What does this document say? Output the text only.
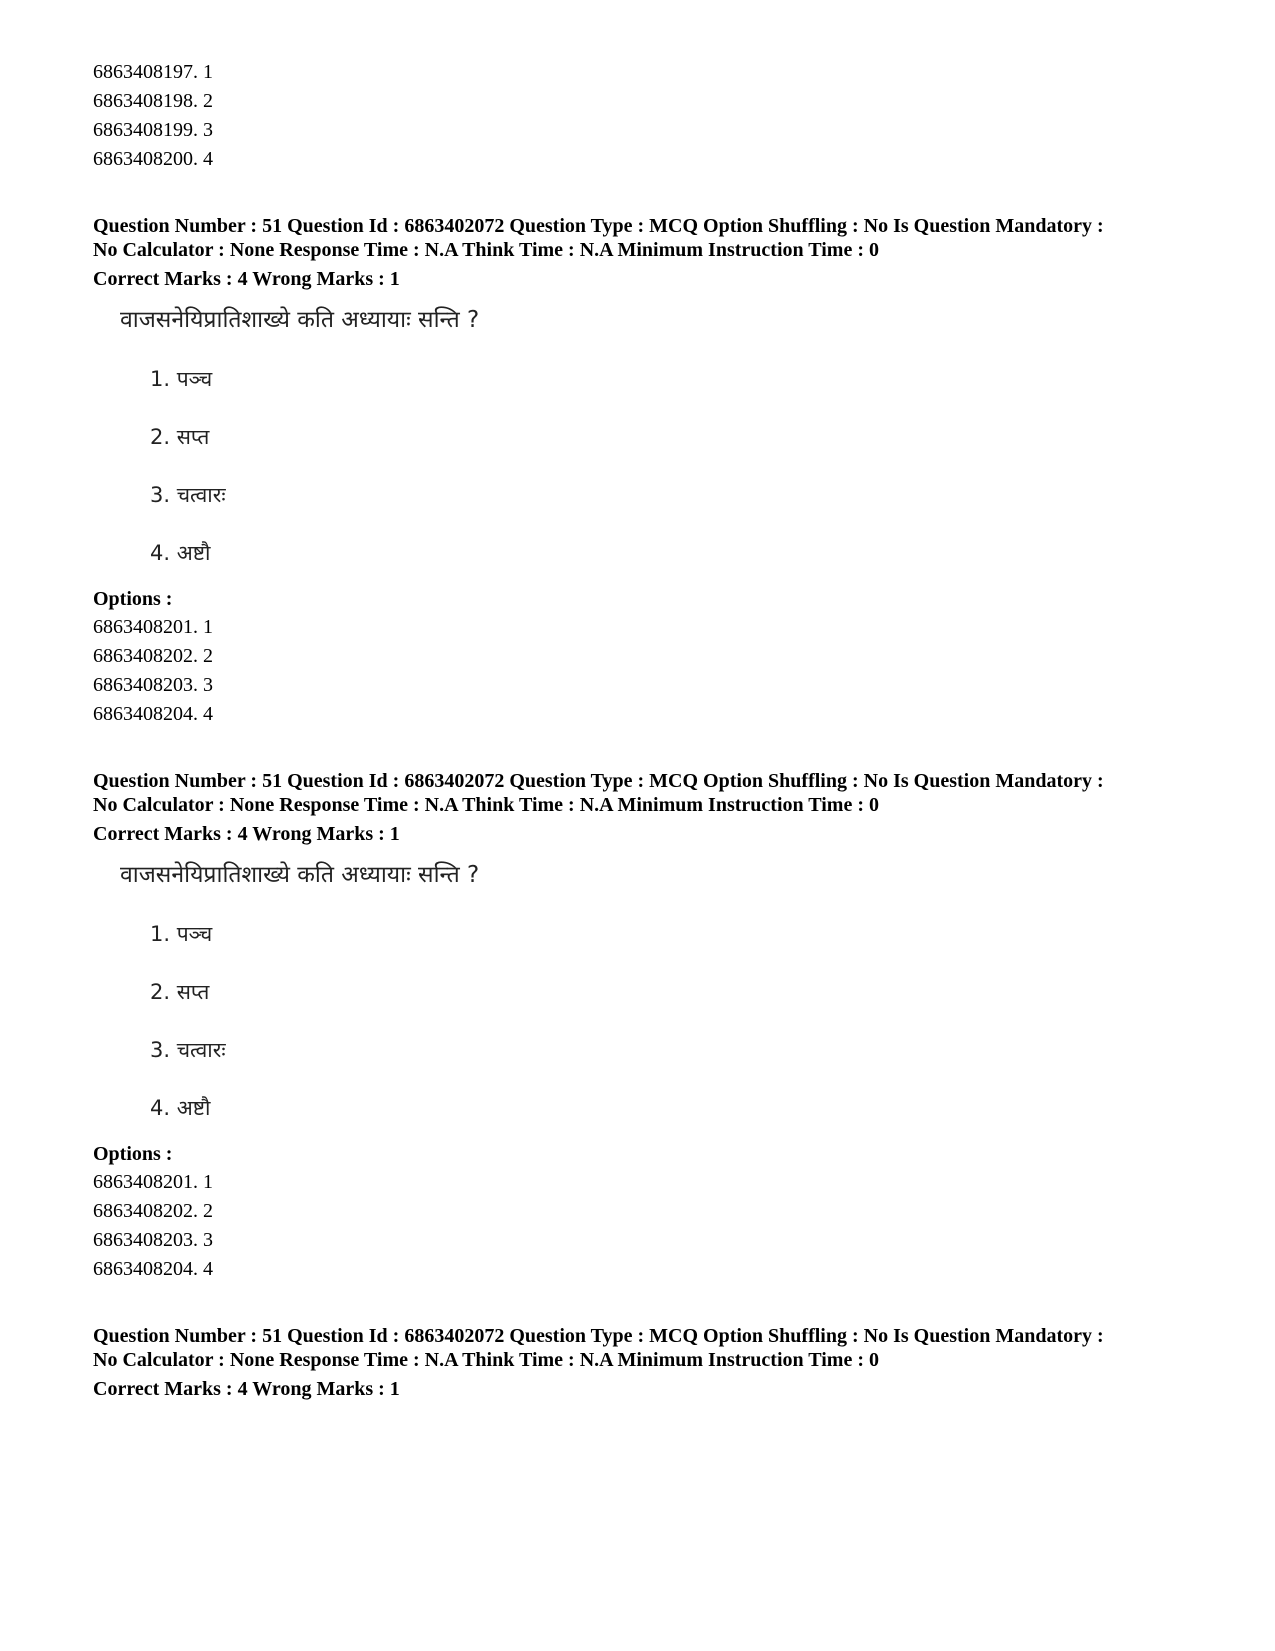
6863408197. 1

6863408198. 2

6863408199. 3

6863408200. 4

Question Number : 51 Question Id : 6863402072 Question Type : MCQ Option Shuffling : No Is Question Mandatory :

No Calculator : None Response Time : N.A Think Time : N.A Minimum Instruction Time : 0

Correct Marks : 4 Wrong Marks : 1

वाजसनेयिप्रातिशाख्ये कति अध्यायाः सन्ति ?

1. पञ्च

2. सप्त

3. चत्वारः

4. अष्टौ

Options :

6863408201. 1

6863408202. 2

6863408203. 3

6863408204. 4

Question Number : 51 Question Id : 6863402072 Question Type : MCQ Option Shuffling : No Is Question Mandatory :

No Calculator : None Response Time : N.A Think Time : N.A Minimum Instruction Time : 0

Correct Marks : 4 Wrong Marks : 1

वाजसनेयिप्रातिशाख्ये कति अध्यायाः सन्ति ?

1. पञ्च

2. सप्त

3. चत्वारः

4. अष्टौ

Options :

6863408201. 1

6863408202. 2

6863408203. 3

6863408204. 4

Question Number : 51 Question Id : 6863402072 Question Type : MCQ Option Shuffling : No Is Question Mandatory :

No Calculator : None Response Time : N.A Think Time : N.A Minimum Instruction Time : 0

Correct Marks : 4 Wrong Marks : 1
